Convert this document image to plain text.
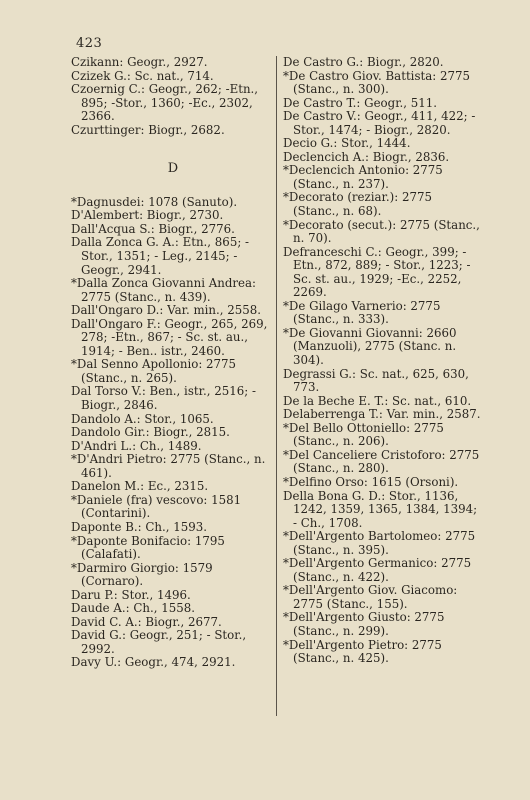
423
Czikann: Geogr., 2927.
Czizek G.: Sc. nat., 714.
Czoernig C.: Geogr., 262; -Etn., 895; -Stor., 1360; -Ec., 2302, 2366.
Czurttinger: Biogr., 2682.
D
*Dagnusdei: 1078 (Sanuto).
D'Alembert: Biogr., 2730.
Dall'Acqua S.: Biogr., 2776.
Dalla Zonca G. A.: Etn., 865; - Stor., 1351; - Leg., 2145; - Geogr., 2941.
*Dalla Zonca Giovanni Andrea: 2775 (Stanc., n. 439).
Dall'Ongaro D.: Var. min., 2558.
Dall'Ongaro F.: Geogr., 265, 269, 278; -Etn., 867; - Sc. st. au., 1914; - Ben.. istr., 2460.
*Dal Senno Apollonio: 2775 (Stanc., n. 265).
Dal Torso V.: Ben., istr., 2516; - Biogr., 2846.
Dandolo A.: Stor., 1065.
Dandolo Gir.: Biogr., 2815.
D'Andri L.: Ch., 1489.
*D'Andri Pietro: 2775 (Stanc., n. 461).
Danelon M.: Ec., 2315.
*Daniele (fra) vescovo: 1581 (Contarini).
Daponte B.: Ch., 1593.
*Daponte Bonifacio: 1795 (Calafati).
*Darmiro Giorgio: 1579 (Cornaro).
Daru P.: Stor., 1496.
Daude A.: Ch., 1558.
David C. A.: Biogr., 2677.
David G.: Geogr., 251; - Stor., 2992.
Davy U.: Geogr., 474, 2921.
De Castro G.: Biogr., 2820.
*De Castro Giov. Battista: 2775 (Stanc., n. 300).
De Castro T.: Geogr., 511.
De Castro V.: Geogr., 411, 422; - Stor., 1474; - Biogr., 2820.
Decio G.: Stor., 1444.
Declencich A.: Biogr., 2836.
*Declencich Antonio: 2775 (Stanc., n. 237).
*Decorato (reziar.): 2775 (Stanc., n. 68).
*Decorato (secut.): 2775 (Stanc., n. 70).
Defranceschi C.: Geogr., 399; - Etn., 872, 889; - Stor., 1223; - Sc. st. au., 1929; -Ec., 2252, 2269.
*De Gilago Varnerio: 2775 (Stanc., n. 333).
*De Giovanni Giovanni: 2660 (Manzuoli), 2775 (Stanc. n. 304).
Degrassi G.: Sc. nat., 625, 630, 773.
De la Beche E. T.: Sc. nat., 610.
Delaberrenga T.: Var. min., 2587.
*Del Bello Ottoniello: 2775 (Stanc., n. 206).
*Del Canceliere Cristoforo: 2775 (Stanc., n. 280).
*Delfino Orso: 1615 (Orsoni).
Della Bona G. D.: Stor., 1136, 1242, 1359, 1365, 1384, 1394; - Ch., 1708.
*Dell'Argento Bartolomeo: 2775 (Stanc., n. 395).
*Dell'Argento Germanico: 2775 (Stanc., n. 422).
*Dell'Argento Giov. Giacomo: 2775 (Stanc., 155).
*Dell'Argento Giusto: 2775 (Stanc., n. 299).
*Dell'Argento Pietro: 2775 (Stanc., n. 425).
